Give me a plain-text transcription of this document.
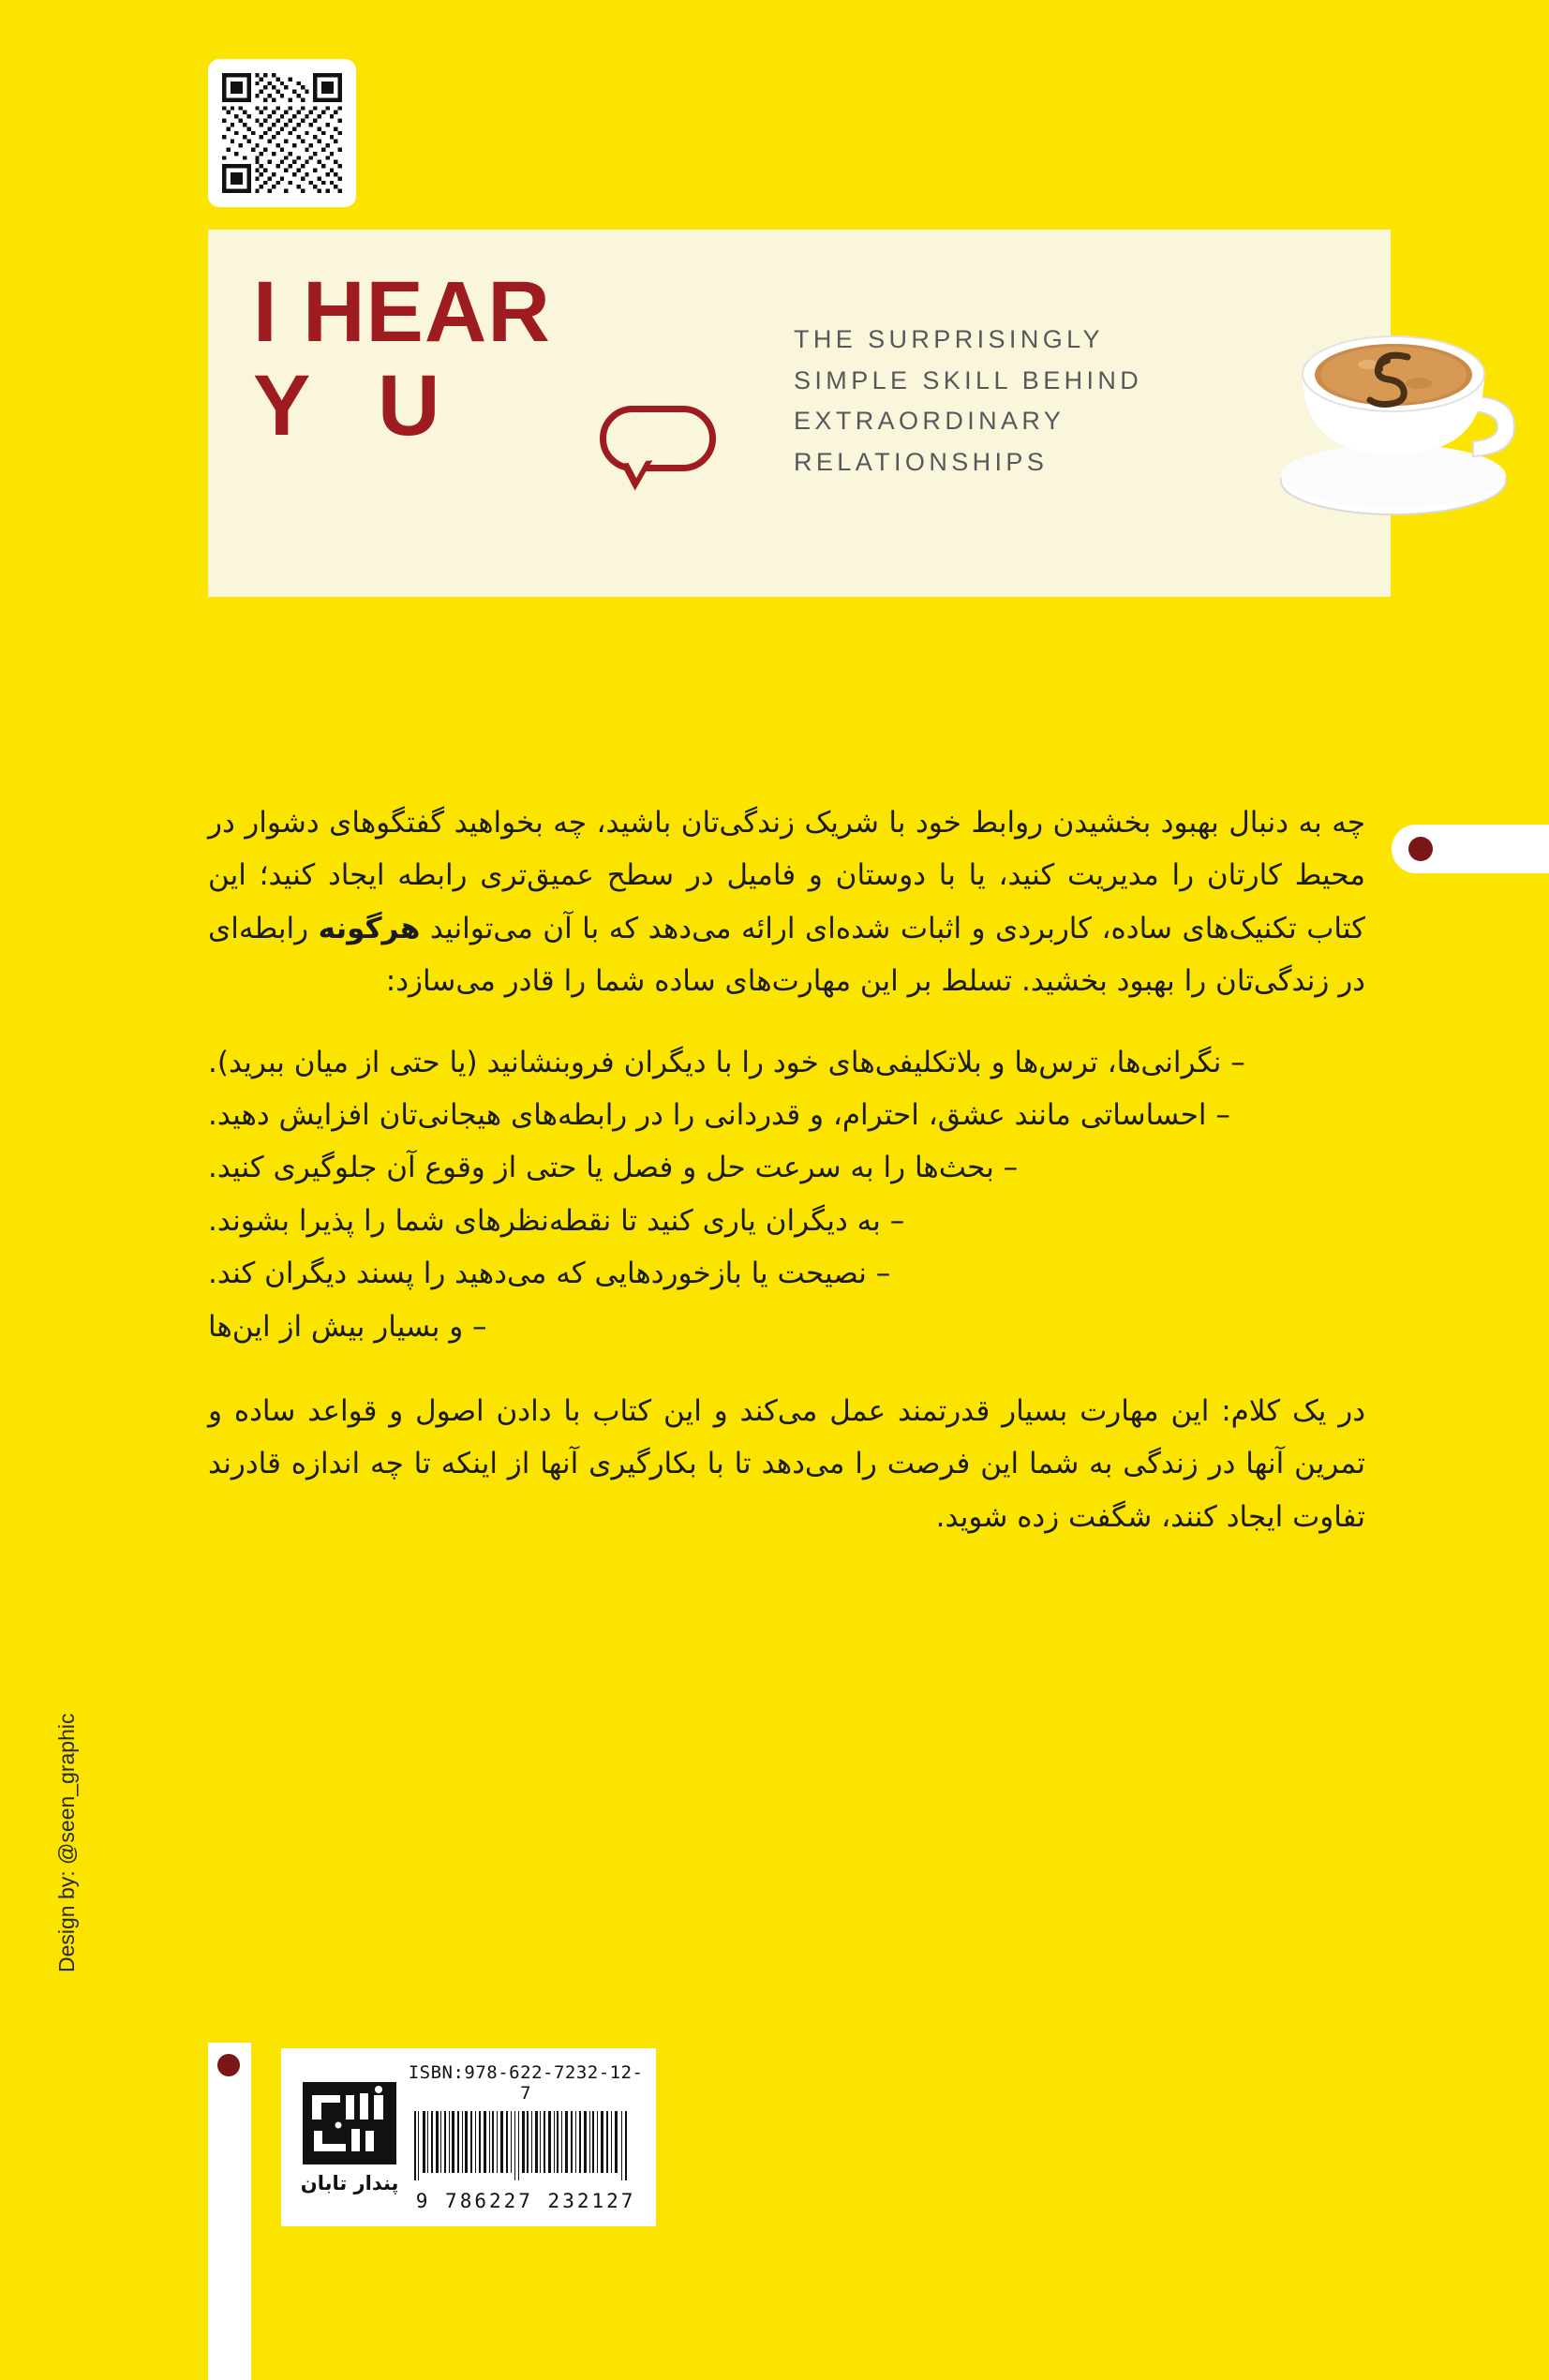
I HEAR
Y U
THE SURPRISINGLY
SIMPLE SKILL BEHIND
EXTRAORDINARY
RELATIONSHIPS

چه به دنبال بهبود بخشیدن روابط خود با شریک زندگی‌تان باشید، چه بخواهید گفتگوهای دشوار در محیط کارتان را مدیریت کنید، یا با دوستان و فامیل در سطح عمیق‌تری رابطه ایجاد کنید؛ این کتاب تکنیک‌های ساده، کاربردی و اثبات شده‌ای ارائه می‌دهد که با آن می‌توانید هرگونه رابطه‌ای در زندگی‌تان را بهبود بخشید. تسلط بر این مهارت‌های ساده شما را قادر می‌سازد:

– نگرانی‌ها، ترس‌ها و بلاتکلیفی‌های خود را با دیگران فروبنشانید (یا حتی از میان ببرید).
– احساساتی مانند عشق، احترام، و قدردانی را در رابطه‌های هیجانی‌تان افزایش دهید.
– بحث‌ها را به سرعت حل و فصل یا حتی از وقوع آن جلوگیری کنید.
– به دیگران یاری کنید تا نقطه‌نظرهای شما را پذیرا بشوند.
– نصیحت یا بازخوردهایی که می‌دهید را پسند دیگران کند.
– و بسیار بیش از این‌ها

در یک کلام: این مهارت بسیار قدرتمند عمل می‌کند و این کتاب با دادن اصول و قواعد ساده و تمرین آنها در زندگی به شما این فرصت را می‌دهد تا با بکارگیری آنها از اینکه تا چه اندازه قادرند تفاوت ایجاد کنند، شگفت زده شوید.

Design by: @seen_graphic
ISBN:978-622-7232-12-7
9 786227 232127
پندار تابان
